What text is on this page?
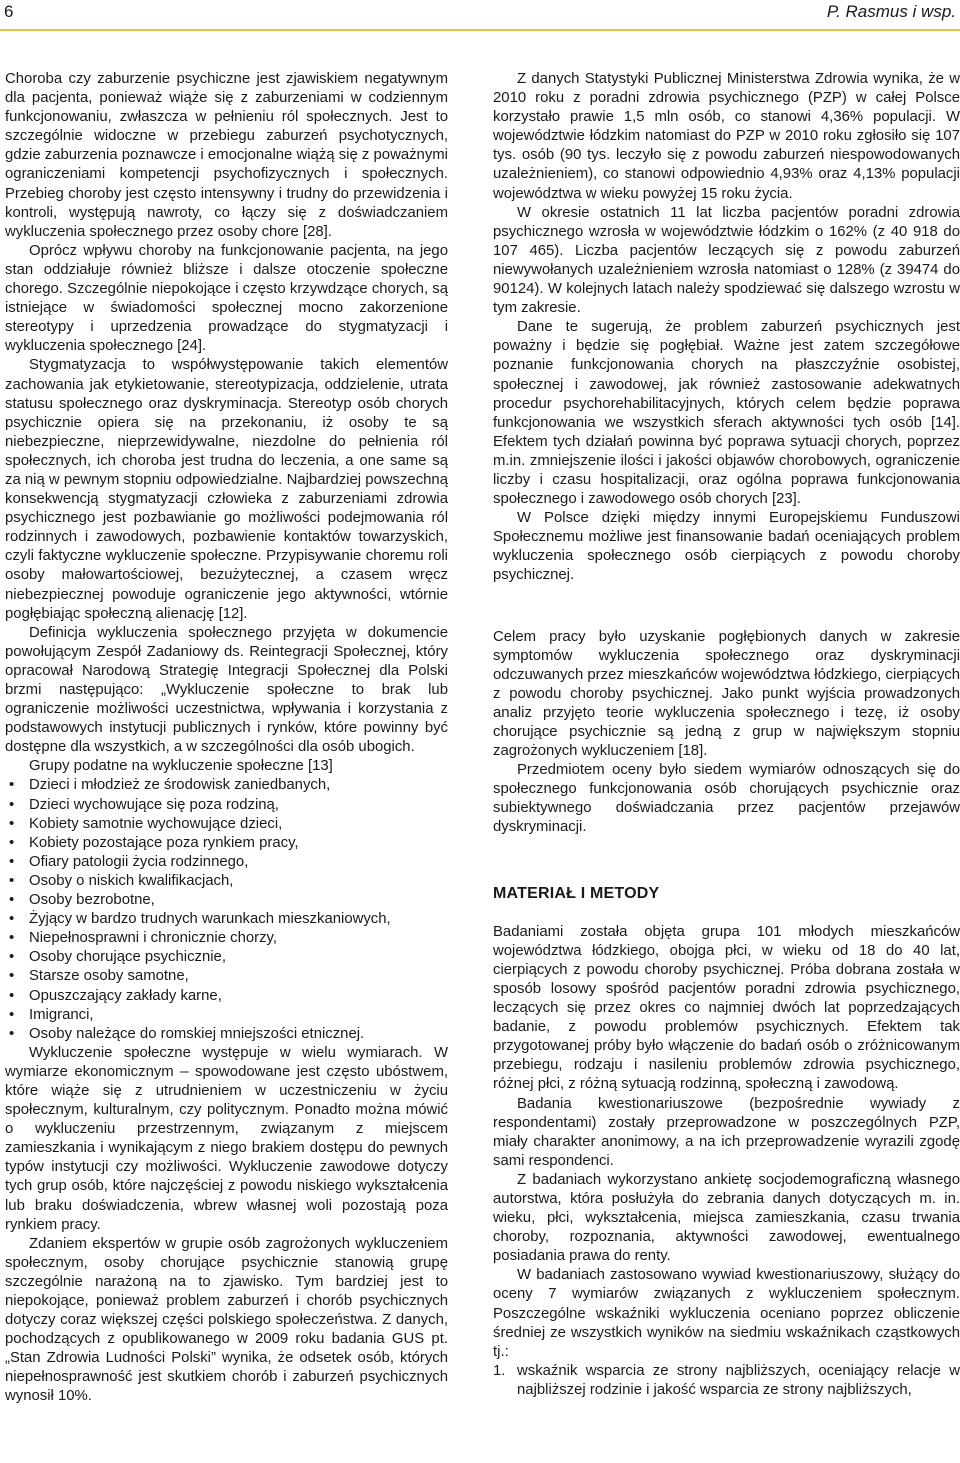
6	P. Rasmus i wsp.

Choroba czy zaburzenie psychiczne jest zjawiskiem negatywnym dla pacjenta, ponieważ wiąże się z zaburzeniami w codziennym funkcjonowaniu, zwłaszcza w pełnieniu ról społecznych. Jest to szczególnie widoczne w przebiegu zaburzeń psychotycznych, gdzie zaburzenia poznawcze i emocjonalne wiążą się z poważnymi ograniczeniami kompetencji psychofizycznych i społecznych. Przebieg choroby jest często intensywny i trudny do przewidzenia i kontroli, występują nawroty, co łączy się z doświadczaniem wykluczenia społecznego przez osoby chore [28].

Oprócz wpływu choroby na funkcjonowanie pacjenta, na jego stan oddziałuje również bliższe i dalsze otoczenie społeczne chorego. Szczególnie niepokojące i często krzywdzące chorych, są istniejące w świadomości społecznej mocno zakorzenione stereotypy i uprzedzenia prowadzące do stygmatyzacji i wykluczenia społecznego [24].

Stygmatyzacja to współwystępowanie takich elementów zachowania jak etykietowanie, stereotypizacja, oddzielenie, utrata statusu społecznego oraz dyskryminacja. Stereotyp osób chorych psychicznie opiera się na przekonaniu, iż osoby te są niebezpieczne, nieprzewidywalne, niezdolne do pełnienia ról społecznych, ich choroba jest trudna do leczenia, a one same są za nią w pewnym stopniu odpowiedzialne. Najbardziej powszechną konsekwencją stygmatyzacji człowieka z zaburzeniami zdrowia psychicznego jest pozbawianie go możliwości podejmowania ról rodzinnych i zawodowych, pozbawienie kontaktów towarzyskich, czyli faktyczne wykluczenie społeczne. Przypisywanie choremu roli osoby małowartościowej, bezużytecznej, a czasem wręcz niebezpiecznej powoduje ograniczenie jego aktywności, wtórnie pogłębiając społeczną alienację [12].

Definicja wykluczenia społecznego przyjęta w dokumencie powołującym Zespół Zadaniowy ds. Reintegracji Społecznej, który opracował Narodową Strategię Integracji Społecznej dla Polski brzmi następująco: „Wykluczenie społeczne to brak lub ograniczenie możliwości uczestnictwa, wpływania i korzystania z podstawowych instytucji publicznych i rynków, które powinny być dostępne dla wszystkich, a w szczególności dla osób ubogich.

Grupy podatne na wykluczenie społeczne [13]

• Dzieci i młodzież ze środowisk zaniedbanych,
• Dzieci wychowujące się poza rodziną,
• Kobiety samotnie wychowujące dzieci,
• Kobiety pozostające poza rynkiem pracy,
• Ofiary patologii życia rodzinnego,
• Osoby o niskich kwalifikacjach,
• Osoby bezrobotne,
• Żyjący w bardzo trudnych warunkach mieszkaniowych,
• Niepełnosprawni i chronicznie chorzy,
• Osoby chorujące psychicznie,
• Starsze osoby samotne,
• Opuszczający zakłady karne,
• Imigranci,
• Osoby należące do romskiej mniejszości etnicznej.

Wykluczenie społeczne występuje w wielu wymiarach. W wymiarze ekonomicznym – spowodowane jest często ubóstwem, które wiąże się z utrudnieniem w uczestniczeniu w życiu społecznym, kulturalnym, czy politycznym. Ponadto można mówić o wykluczeniu przestrzennym, związanym z miejscem zamieszkania i wynikającym z niego brakiem dostępu do pewnych typów instytucji czy możliwości. Wykluczenie zawodowe dotyczy tych grup osób, które najczęściej z powodu niskiego wykształcenia lub braku doświadczenia, wbrew własnej woli pozostają poza rynkiem pracy.

Zdaniem ekspertów w grupie osób zagrożonych wykluczeniem społecznym, osoby chorujące psychicznie stanowią grupę szczególnie narażoną na to zjawisko. Tym bardziej jest to niepokojące, ponieważ problem zaburzeń i chorób psychicznych dotyczy coraz większej części polskiego społeczeństwa. Z danych, pochodzących z opublikowanego w 2009 roku badania GUS pt. „Stan Zdrowia Ludności Polski” wynika, że odsetek osób, których niepełnosprawność jest skutkiem chorób i zaburzeń psychicznych wynosił 10%.

Z danych Statystyki Publicznej Ministerstwa Zdrowia wynika, że w 2010 roku z poradni zdrowia psychicznego (PZP) w całej Polsce korzystało prawie 1,5 mln osób, co stanowi 4,36% populacji. W województwie łódzkim natomiast do PZP w 2010 roku zgłosiło się 107 tys. osób (90 tys. leczyło się z powodu zaburzeń niespowodowanych uzależnieniem), co stanowi odpowiednio 4,93% oraz 4,13% populacji województwa w wieku powyżej 15 roku życia.

W okresie ostatnich 11 lat liczba pacjentów poradni zdrowia psychicznego wzrosła w województwie łódzkim o 162% (z 40 918 do 107 465). Liczba pacjentów leczących się z powodu zaburzeń niewywołanych uzależnieniem wzrosła natomiast o 128% (z 39474 do 90124). W kolejnych latach należy spodziewać się dalszego wzrostu w tym zakresie.

Dane te sugerują, że problem zaburzeń psychicznych jest poważny i będzie się pogłębiał. Ważne jest zatem szczegółowe poznanie funkcjonowania chorych na płaszczyźnie osobistej, społecznej i zawodowej, jak również zastosowanie adekwatnych procedur psychorehabilitacyjnych, których celem będzie poprawa funkcjonowania we wszystkich sferach aktywności tych osób [14]. Efektem tych działań powinna być poprawa sytuacji chorych, poprzez m.in. zmniejszenie ilości i jakości objawów chorobowych, ograniczenie liczby i czasu hospitalizacji, oraz ogólna poprawa funkcjonowania społecznego i zawodowego osób chorych [23].

W Polsce dzięki między innymi Europejskiemu Funduszowi Społecznemu możliwe jest finansowanie badań oceniających problem wykluczenia społecznego osób cierpiących z powodu choroby psychicznej.

Celem pracy było uzyskanie pogłębionych danych w zakresie symptomów wykluczenia społecznego oraz dyskryminacji odczuwanych przez mieszkańców województwa łódzkiego, cierpiących z powodu choroby psychicznej. Jako punkt wyjścia prowadzonych analiz przyjęto teorie wykluczenia społecznego i tezę, iż osoby chorujące psychicznie są jedną z grup w największym stopniu zagrożonych wykluczeniem [18].

Przedmiotem oceny było siedem wymiarów odnoszących się do społecznego funkcjonowania osób chorujących psychicznie oraz subiektywnego doświadczania przez pacjentów przejawów dyskryminacji.

MATERIAŁ I METODY

Badaniami została objęta grupa 101 młodych mieszkańców województwa łódzkiego, obojga płci, w wieku od 18 do 40 lat, cierpiących z powodu choroby psychicznej. Próba dobrana została w sposób losowy spośród pacjentów poradni zdrowia psychicznego, leczących się przez okres co najmniej dwóch lat poprzedzających badanie, z powodu problemów psychicznych. Efektem tak przygotowanej próby było włączenie do badań osób o zróżnicowanym przebiegu, rodzaju i nasileniu problemów zdrowia psychicznego, różnej płci, z różną sytuacją rodzinną, społeczną i zawodową.

Badania kwestionariuszowe (bezpośrednie wywiady z respondentami) zostały przeprowadzone w poszczególnych PZP, miały charakter anonimowy, a na ich przeprowadzenie wyrazili zgodę sami respondenci.

Z badaniach wykorzystano ankietę socjodemograficzną własnego autorstwa, która posłużyła do zebrania danych dotyczących m. in. wieku, płci, wykształcenia, miejsca zamieszkania, czasu trwania choroby, rozpoznania, aktywności zawodowej, ewentualnego posiadania prawa do renty.

W badaniach zastosowano wywiad kwestionariuszowy, służący do oceny 7 wymiarów związanych z wykluczeniem społecznym. Poszczególne wskaźniki wykluczenia oceniano poprzez obliczenie średniej ze wszystkich wyników na siedmiu wskaźnikach cząstkowych tj.:

1. wskaźnik wsparcia ze strony najbliższych, oceniający relacje w najbliższej rodzinie i jakość wsparcia ze strony najbliższych,
